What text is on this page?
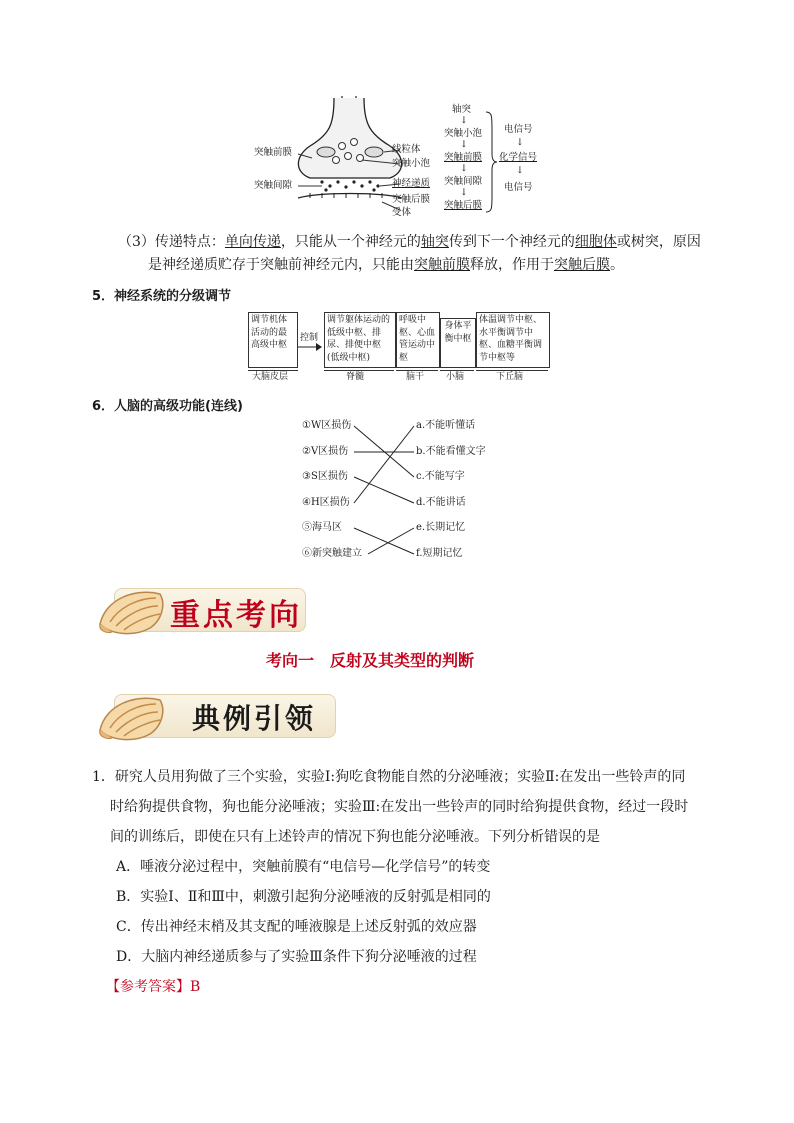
突触前膜
突触间隙
线粒体
突触小泡
神经递质
突触后膜
受体
轴突
↓
突触小泡
↓
突触前膜
↓
突触间隙
↓
突触后膜
电信号
↓
化学信号
↓
电信号
（3）传递特点：单向传递，只能从一个神经元的轴突传到下一个神经元的细胞体或树突，原因
是神经递质贮存于突触前神经元内，只能由突触前膜释放，作用于突触后膜。
5．神经系统的分级调节
调节机体活动的最高级中枢
控制
调节躯体运动的低级中枢、排尿、排便中枢(低级中枢)
呼吸中枢、心血管运动中枢
身体平衡中枢
体温调节中枢、水平衡调节中枢、血糖平衡调节中枢等
大脑皮层	脊髓	脑干 小脑	下丘脑
6．人脑的高级功能(连线)
①W区损伤
②V区损伤
③S区损伤
④H区损伤
⑤海马区
⑥新突触建立
a.不能听懂话
b.不能看懂文字
c.不能写字
d.不能讲话
e.长期记忆
f.短期记忆
重点考向
考向一　反射及其类型的判断
典例引领
1．研究人员用狗做了三个实验，实验Ⅰ:狗吃食物能自然的分泌唾液；实验Ⅱ:在发出一些铃声的同
时给狗提供食物，狗也能分泌唾液；实验Ⅲ:在发出一些铃声的同时给狗提供食物，经过一段时
间的训练后，即使在只有上述铃声的情况下狗也能分泌唾液。下列分析错误的是
A．唾液分泌过程中，突触前膜有“电信号—化学信号”的转变
B．实验Ⅰ、Ⅱ和Ⅲ中，刺激引起狗分泌唾液的反射弧是相同的
C．传出神经末梢及其支配的唾液腺是上述反射弧的效应器
D．大脑内神经递质参与了实验Ⅲ条件下狗分泌唾液的过程
【参考答案】B
